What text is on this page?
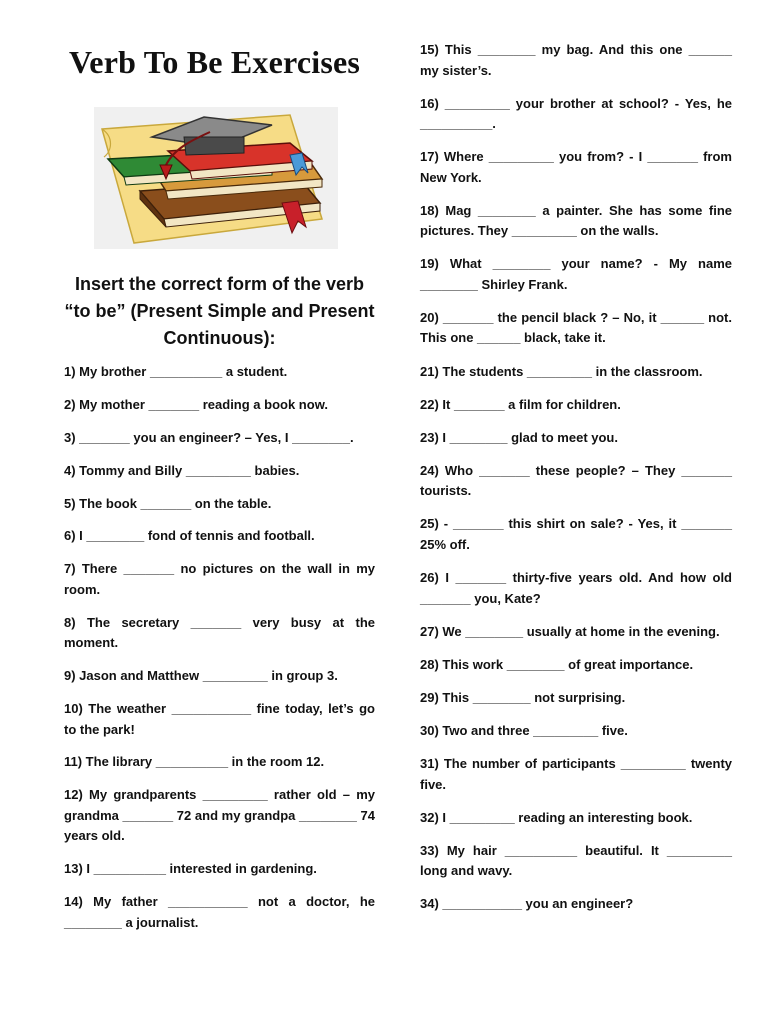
Verb To Be Exercises
Insert the correct form of the verb “to be” (Present Simple and Present Continuous):
1) My brother __________ a student.
2) My mother _______ reading a book now.
3) _______ you an engineer? – Yes, I ________.
4) Tommy and Billy _________ babies.
5) The book _______ on the table.
6) I ________ fond of tennis and football.
7) There _______ no pictures on the wall in my room.
8) The secretary _______ very busy at the moment.
9) Jason and Matthew _________ in group 3.
10) The weather ___________ fine today, let’s go to the park!
11) The library __________ in the room 12.
12) My grandparents _________ rather old – my grandma _______ 72 and my grandpa ________ 74 years old.
13) I __________ interested in gardening.
14) My father ___________ not a doctor, he ________ a journalist.
15) This ________ my bag. And this one ______ my sister’s.
16) _________ your brother at school? - Yes, he __________.
17) Where _________ you from? - I _______ from New York.
18) Mag ________ a painter. She has some fine pictures. They _________ on the walls.
19) What ________ your name? - My name ________ Shirley Frank.
20) _______ the pencil black ? – No, it ______ not. This one ______ black, take it.
21) The students _________ in the classroom.
22) It _______ a film for children.
23) I ________ glad to meet you.
24) Who _______ these people? – They _______ tourists.
25) - _______ this shirt on sale? - Yes, it _______ 25% off.
26) I _______ thirty-five years old. And how old _______ you, Kate?
27) We ________ usually at home in the evening.
28) This work ________ of great importance.
29) This ________ not surprising.
30) Two and three _________ five.
31) The number of participants _________ twenty five.
32) I _________ reading an interesting book.
33) My hair __________ beautiful. It _________ long and wavy.
34) ___________ you an engineer?
